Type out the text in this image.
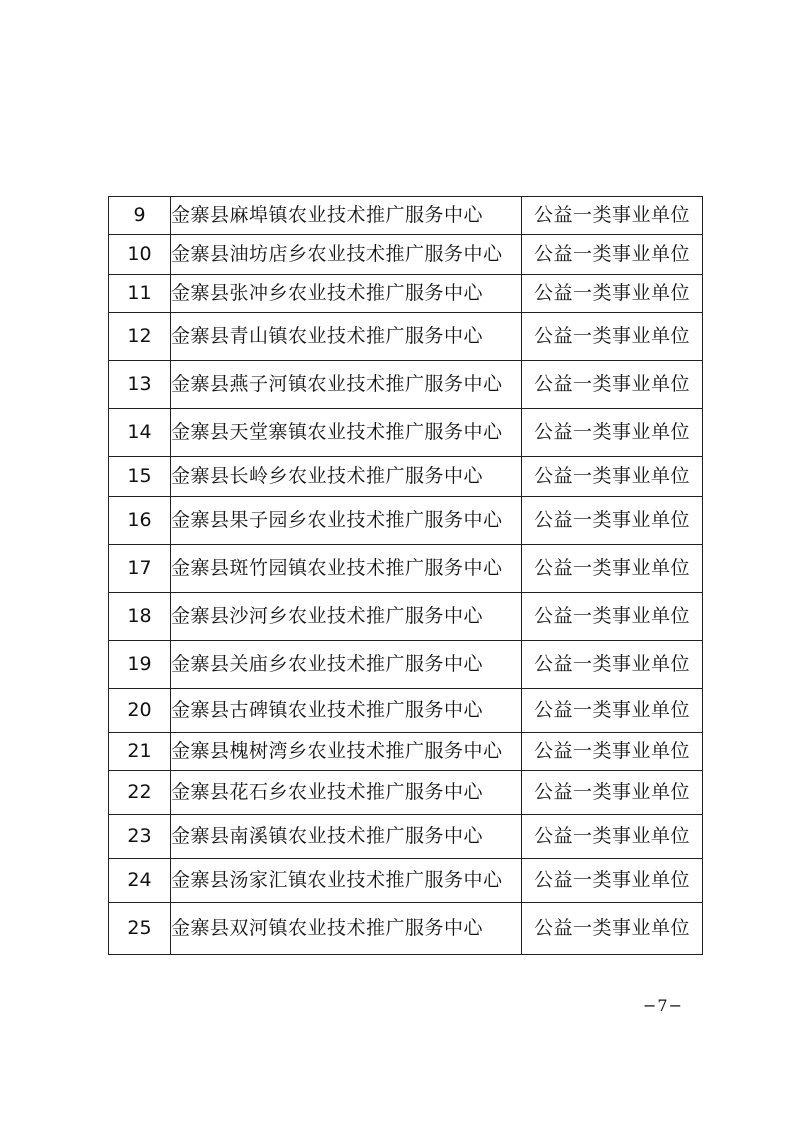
9	金寨县麻埠镇农业技术推广服务中心	公益一类事业单位
10	金寨县油坊店乡农业技术推广服务中心	公益一类事业单位
11	金寨县张冲乡农业技术推广服务中心	公益一类事业单位
12	金寨县青山镇农业技术推广服务中心	公益一类事业单位
13	金寨县燕子河镇农业技术推广服务中心	公益一类事业单位
14	金寨县天堂寨镇农业技术推广服务中心	公益一类事业单位
15	金寨县长岭乡农业技术推广服务中心	公益一类事业单位
16	金寨县果子园乡农业技术推广服务中心	公益一类事业单位
17	金寨县斑竹园镇农业技术推广服务中心	公益一类事业单位
18	金寨县沙河乡农业技术推广服务中心	公益一类事业单位
19	金寨县关庙乡农业技术推广服务中心	公益一类事业单位
20	金寨县古碑镇农业技术推广服务中心	公益一类事业单位
21	金寨县槐树湾乡农业技术推广服务中心	公益一类事业单位
22	金寨县花石乡农业技术推广服务中心	公益一类事业单位
23	金寨县南溪镇农业技术推广服务中心	公益一类事业单位
24	金寨县汤家汇镇农业技术推广服务中心	公益一类事业单位
25	金寨县双河镇农业技术推广服务中心	公益一类事业单位
−7−
